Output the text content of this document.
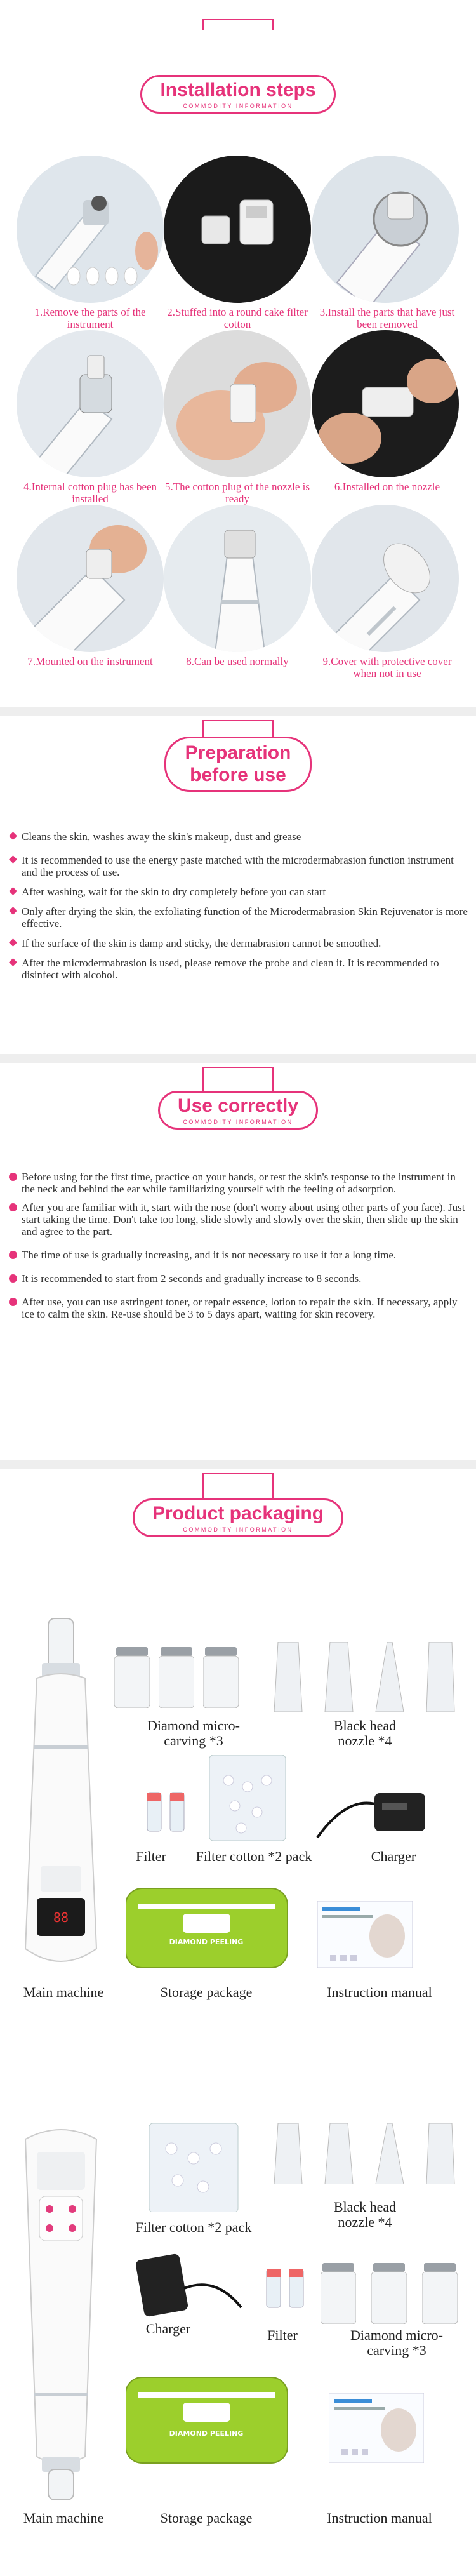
Installation steps
COMMODITY INFORMATION
1.Remove the parts of the instrument
2.Stuffed into a round cake filter cotton
3.Install the parts that have just been removed
4.Internal cotton plug has been installed
5.The cotton plug of the nozzle is ready
6.Installed on the nozzle
7.Mounted on the instrument	8.Can be used normally	9.Cover with protective cover when not in use
Preparation
before use
Cleans the skin, washes away the skin's makeup, dust and grease
It is recommended to use the energy paste matched with the microdermabrasion function instrument and the process of use.
After washing, wait for the skin to dry completely before you can start
Only after drying the skin, the exfoliating function of the Microdermabrasion Skin Rejuvenator is more effective.
If the surface of the skin is damp and sticky, the dermabrasion cannot be smoothed.
After the microdermabrasion is used, please remove the probe and clean it. It is recommended to disinfect with alcohol.
Use correctly
COMMODITY INFORMATION
Before using for the first time, practice on your hands, or test the skin's response to the instrument in the neck and behind the ear while familiarizing yourself with the feeling of adsorption.
After you are familiar with it, start with the nose (don't worry about using other parts of you face). Just start taking the time. Don't take too long, slide slowly and slowly over the skin, then slide up the skin and agree to the part.
The time of use is gradually increasing, and it is not necessary to use it for a long time.
It is recommended to start from 2 seconds and gradually increase to 8 seconds.
After use, you can use astringent toner, or repair essence, lotion to repair the skin. If necessary, apply ice to calm the skin. Re-use should be 3 to 5 days apart, waiting for skin recovery.
Product packaging
COMMODITY INFORMATION
88
Diamond micro-carving *3
Black head nozzle *4
Filter	Filter cotton *2 pack	Charger
DIAMOND PEELING
Main machine	Storage package	Instruction manual
Filter cotton *2 pack
Black head nozzle *4
Charger	Filter	Diamond micro-carving *3
DIAMOND PEELING
Main machine	Storage package	Instruction manual
